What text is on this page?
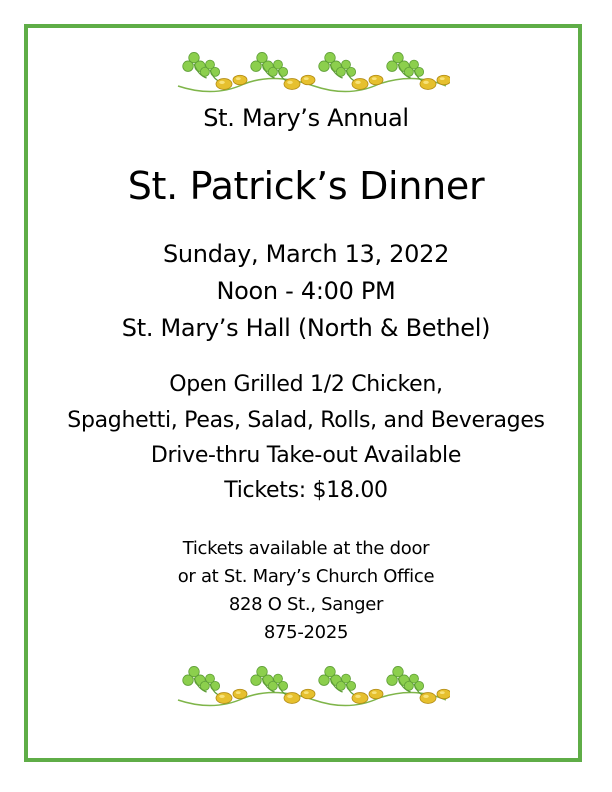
St. Mary’s Annual
St. Patrick’s Dinner
Sunday, March 13, 2022
Noon - 4:00 PM
St. Mary’s Hall (North & Bethel)
Open Grilled 1/2 Chicken,
Spaghetti, Peas, Salad, Rolls, and Beverages
Drive-thru Take-out Available
Tickets: $18.00
Tickets available at the door
or at St. Mary’s Church Office
828 O St., Sanger
875-2025
